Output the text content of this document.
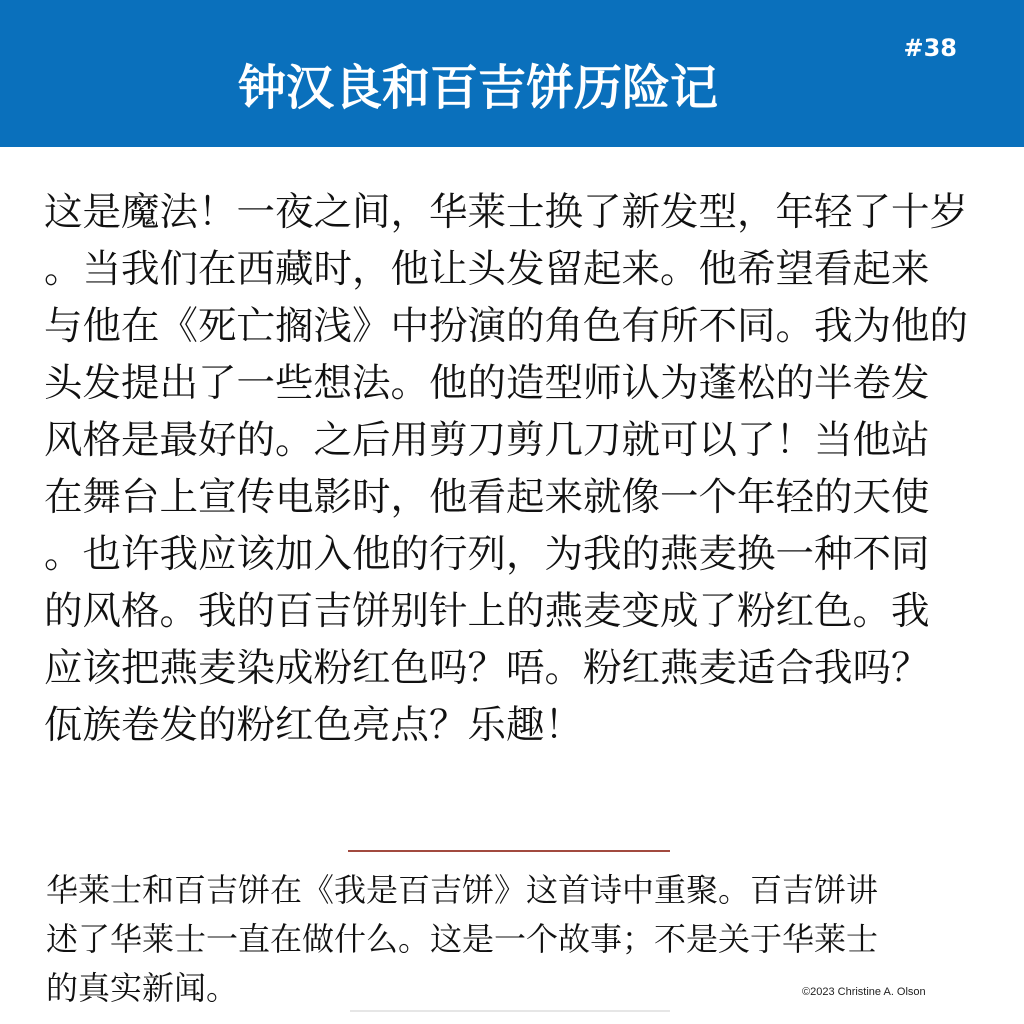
#38
钟汉良和百吉饼历险记
这是魔法！一夜之间，华莱士换了新发型，年轻了十岁
。当我们在西藏时，他让头发留起来。他希望看起来
与他在《死亡搁浅》中扮演的角色有所不同。我为他的
头发提出了一些想法。他的造型师认为蓬松的半卷发
风格是最好的。之后用剪刀剪几刀就可以了！当他站
在舞台上宣传电影时，他看起来就像一个年轻的天使
。也许我应该加入他的行列，为我的燕麦换一种不同
的风格。我的百吉饼别针上的燕麦变成了粉红色。我
应该把燕麦染成粉红色吗？唔。粉红燕麦适合我吗？
佤族卷发的粉红色亮点？乐趣！
华莱士和百吉饼在《我是百吉饼》这首诗中重聚。百吉饼讲
述了华莱士一直在做什么。这是一个故事；不是关于华莱士
的真实新闻。	©2023 Christine A. Olson
